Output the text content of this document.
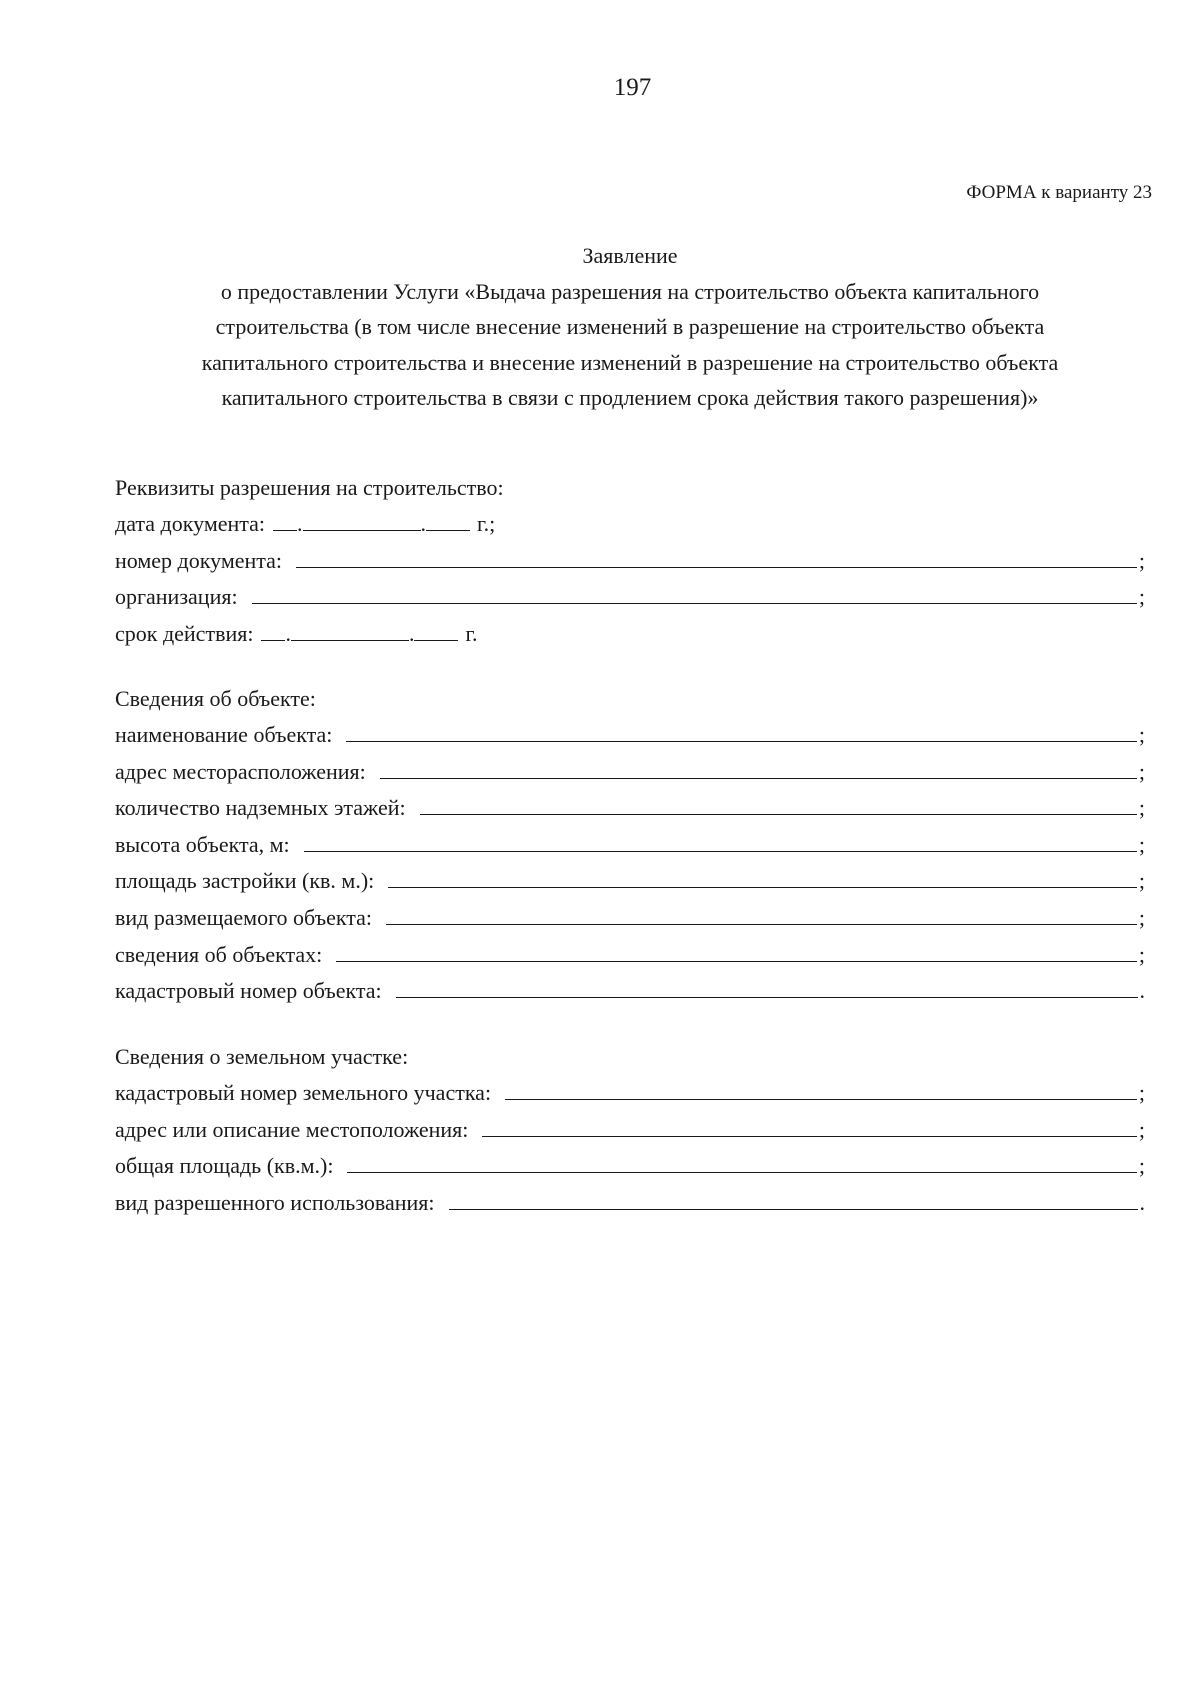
197
ФОРМА к варианту 23
Заявление
о предоставлении Услуги «Выдача разрешения на строительство объекта капитального
строительства (в том числе внесение изменений в разрешение на строительство объекта
капитального строительства и внесение изменений в разрешение на строительство объекта
капитального строительства в связи с продлением срока действия такого разрешения)»
Реквизиты разрешения на строительство:
дата документа: .	. г.;
номер документа:	;
организация:	;
срок действия: .	. г.
Сведения об объекте:
наименование объекта:	;
адрес месторасположения:	;
количество надземных этажей:	;
высота объекта, м:	;
площадь застройки (кв. м.):	;
вид размещаемого объекта:	;
сведения об объектах:	;
кадастровый номер объекта:	.
Сведения о земельном участке:
кадастровый номер земельного участка:	;
адрес или описание местоположения:	;
общая площадь (кв.м.):	;
вид разрешенного использования:	.
